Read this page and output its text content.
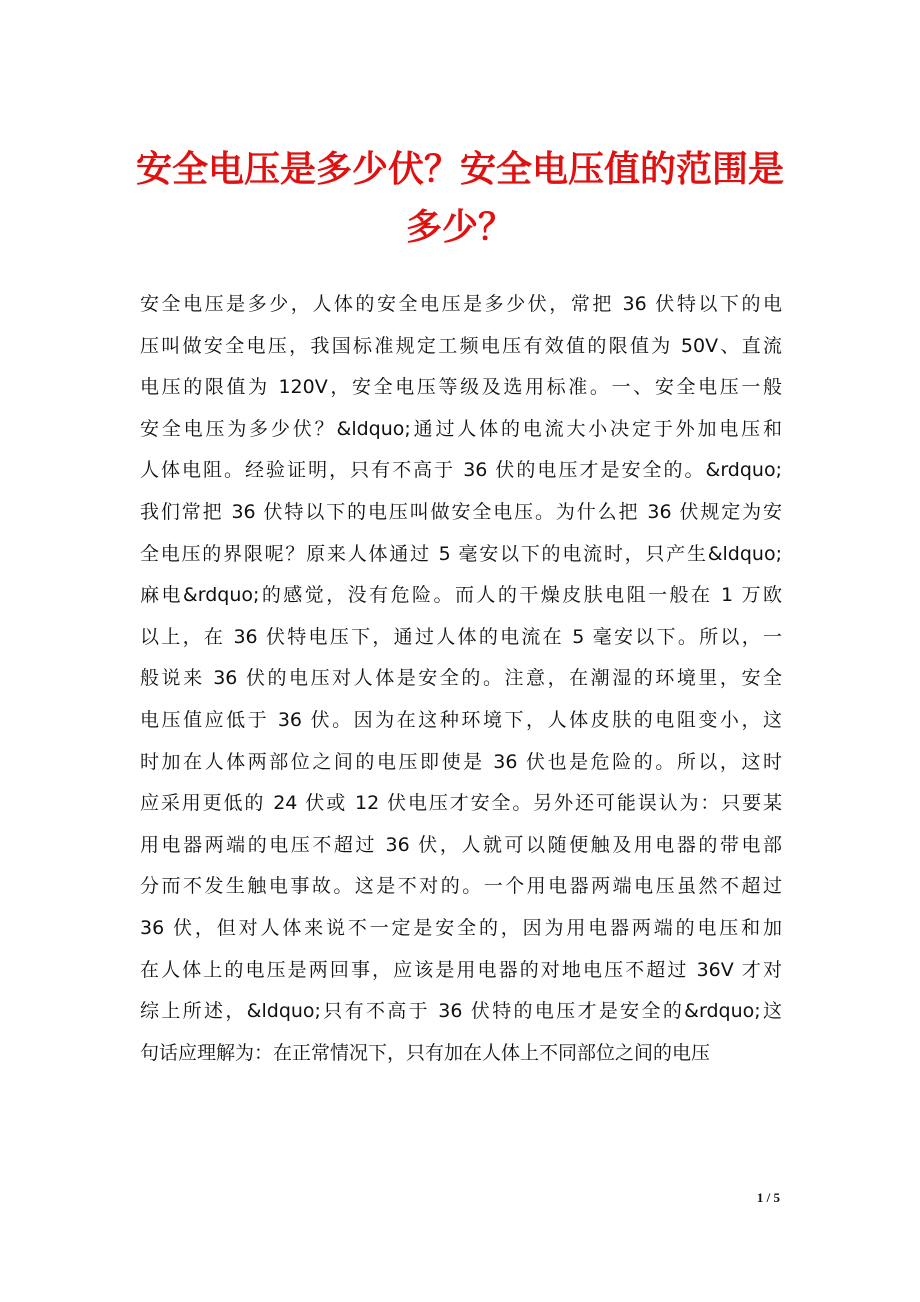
安全电压是多少伏？安全电压值的范围是
多少？
安全电压是多少，人体的安全电压是多少伏，常把 36 伏特以下的电
压叫做安全电压，我国标准规定工频电压有效值的限值为 50V、直流
电压的限值为 120V，安全电压等级及选用标准。一、安全电压一般
安全电压为多少伏？&ldquo;通过人体的电流大小决定于外加电压和
人体电阻。经验证明，只有不高于 36 伏的电压才是安全的。&rdquo;
我们常把 36 伏特以下的电压叫做安全电压。为什么把 36 伏规定为安
全电压的界限呢？原来人体通过 5 毫安以下的电流时，只产生&ldquo;
麻电&rdquo;的感觉，没有危险。而人的干燥皮肤电阻一般在 1 万欧
以上，在 36 伏特电压下，通过人体的电流在 5 毫安以下。所以，一
般说来 36 伏的电压对人体是安全的。注意，在潮湿的环境里，安全
电压值应低于 36 伏。因为在这种环境下，人体皮肤的电阻变小，这
时加在人体两部位之间的电压即使是 36 伏也是危险的。所以，这时
应采用更低的 24 伏或 12 伏电压才安全。另外还可能误认为：只要某
用电器两端的电压不超过 36 伏，人就可以随便触及用电器的带电部
分而不发生触电事故。这是不对的。一个用电器两端电压虽然不超过
36 伏，但对人体来说不一定是安全的，因为用电器两端的电压和加
在人体上的电压是两回事，应该是用电器的对地电压不超过 36V 才对
综上所述，&ldquo;只有不高于 36 伏特的电压才是安全的&rdquo;这
句话应理解为：在正常情况下，只有加在人体上不同部位之间的电压
1 / 5
